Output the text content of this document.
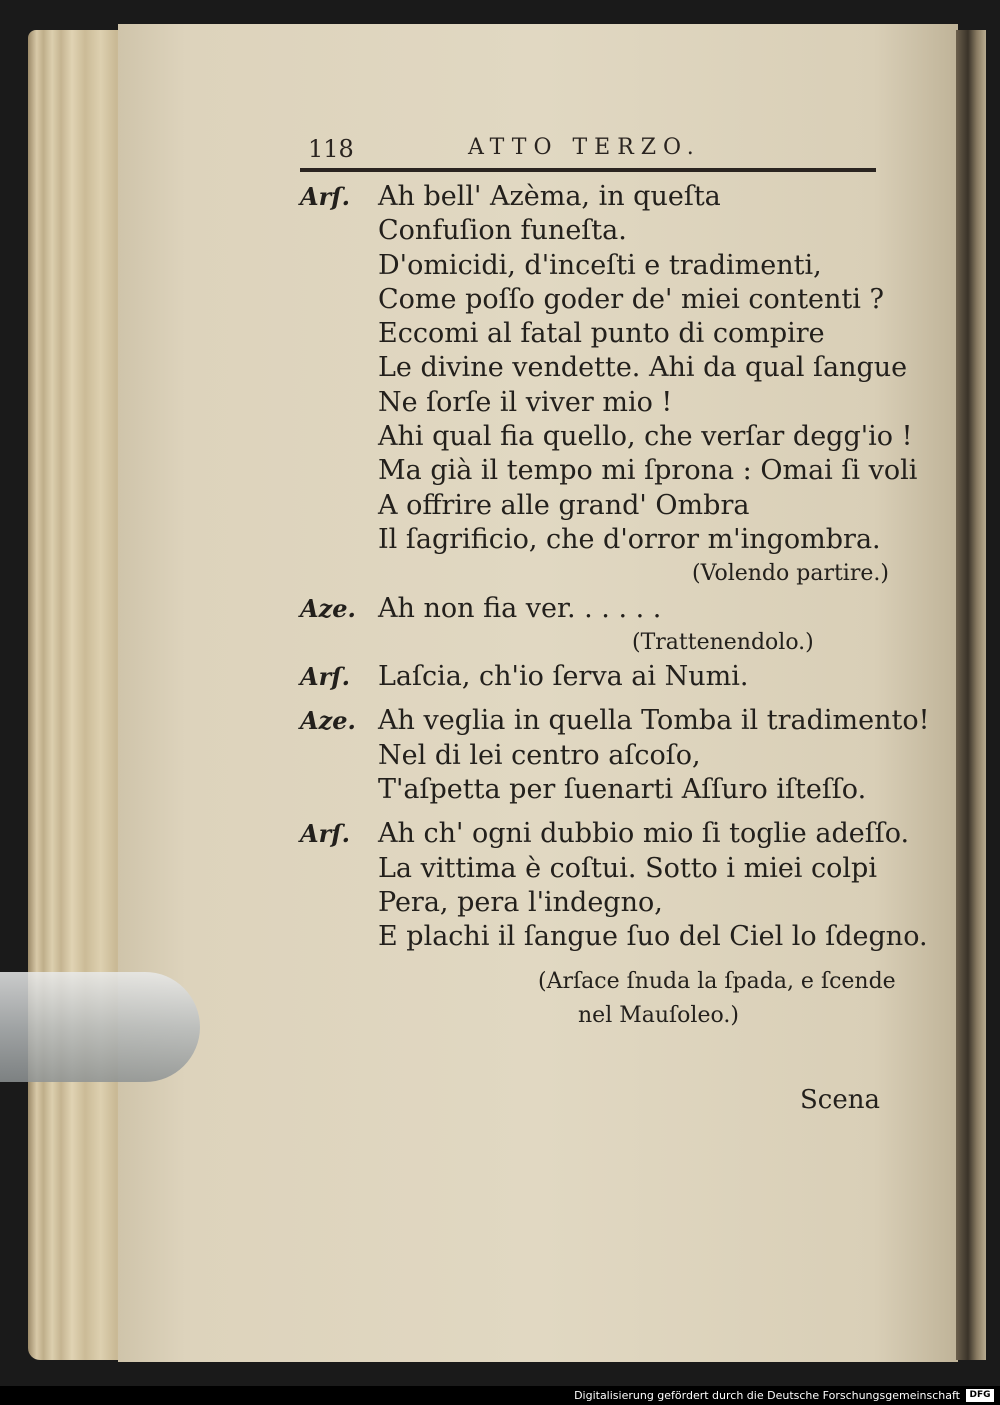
118	ATTO TERZO.
Arſ. Ah bell' Azèma, in queſta
Confuſion funeſta.
D'omicidi, d'inceſti e tradimenti,
Come poſſo goder de' miei contenti ?
Eccomi al fatal punto di compire
Le divine vendette. Ahi da qual ſangue
Ne ſorſe il viver mio !
Ahi qual fia quello, che verſar degg'io !
Ma già il tempo mi ſprona : Omai ſi voli
A offrire alle grand' Ombra
Il ſagrificio, che d'orror m'ingombra.
(Volendo partire.)
Aze. Ah non fia ver. . . . . .
(Trattenendolo.)
Arſ. Laſcia, ch'io ſerva ai Numi.
Aze. Ah veglia in quella Tomba il tradimento!
Nel di lei centro aſcoſo,
T'aſpetta per ſuenarti Aſſuro iſteſſo.
Arſ. Ah ch' ogni dubbio mio ſi toglie adeſſo.
La vittima è coſtui. Sotto i miei colpi
Pera, pera l'indegno,
E plachi il ſangue ſuo del Ciel lo ſdegno.
(Arſace ſnuda la ſpada, e ſcende
nel Mauſoleo.)
Scena
Digitalisierung gefördert durch die Deutsche Forschungsgemeinschaft	DFG
